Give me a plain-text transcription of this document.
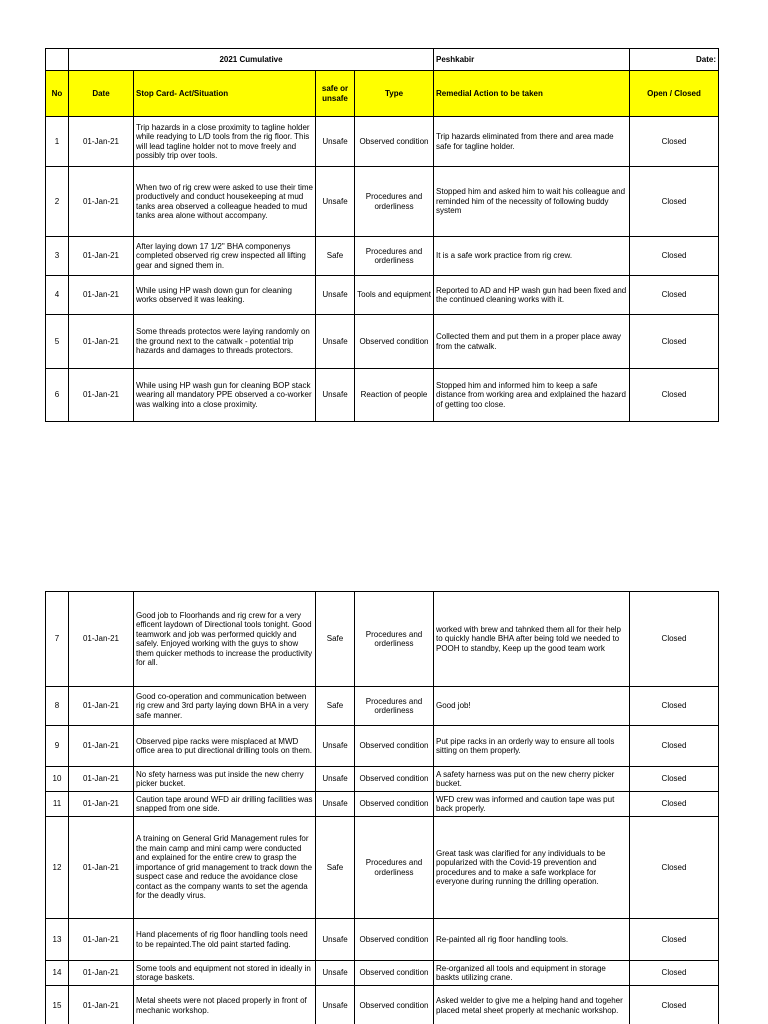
	2021 Cumulative				Peshkabir	Date:
No	Date	Stop Card- Act/Situation	safe or unsafe	Type	Remedial Action to be taken	Open / Closed
1	01-Jan-21	Trip hazards in a close proximity to tagline holder while readying to L/D tools from the rig floor. This will lead tagline holder not to move freely and possibly trip over tools.	Unsafe	Observed condition	Trip hazards eliminated from there and area made safe for tagline holder.	Closed
2	01-Jan-21	When two of rig crew were asked to use their time productively and conduct housekeeping at mud tanks area observed a colleague headed to mud tanks area alone without accompany.	Unsafe	Procedures and orderliness	Stopped him and asked him to wait his colleague and reminded him of the necessity of following buddy system	Closed
3	01-Jan-21	After laying down 17 1/2" BHA componenys completed observed rig crew inspected all lifting gear and signed them in.	Safe	Procedures and orderliness	It is a safe work practice from rig crew.	Closed
4	01-Jan-21	While using HP wash down gun for cleaning works observed it was leaking.	Unsafe	Tools and equipment	Reported to AD and HP wash gun had been fixed and the continued cleaning works with it.	Closed
5	01-Jan-21	Some threads protectos were laying randomly on the ground next to the catwalk - potential trip hazards and damages to threads protectors.	Unsafe	Observed condition	Collected them and put them in a proper place away from the catwalk.	Closed
6	01-Jan-21	While using HP wash gun for cleaning BOP stack wearing all mandatory PPE observed a co-worker was walking into a close proximity.	Unsafe	Reaction of people	Stopped him and informed him to keep a safe distance from working area and exlplained the hazard of getting too close.	Closed
7	01-Jan-21	Good job to Floorhands and rig crew for a very efficent laydown of Directional tools tonight. Good teamwork and job was performed quickly and safely. Enjoyed working with the guys to show them quicker methods to increase the productivity for all.	Safe	Procedures and orderliness	worked with brew and tahnked them all for their help to quickly handle BHA after being told we needed to POOH to standby, Keep up the good team work	Closed
8	01-Jan-21	Good co-operation and communication between rig crew and 3rd party laying down BHA in a very safe manner.	Safe	Procedures and orderliness	Good job!	Closed
9	01-Jan-21	Observed pipe racks were misplaced at MWD office area to put directional drilling tools on them.	Unsafe	Observed condition	Put pipe racks in an orderly way to ensure all tools sitting on them properly.	Closed
10	01-Jan-21	No sfety harness was put inside the new cherry picker bucket.	Unsafe	Observed condition	A safety harness was put on the new cherry picker bucket.	Closed
11	01-Jan-21	Caution tape around WFD air drilling facilities was snapped from one side.	Unsafe	Observed condition	WFD crew was informed and caution tape was put back properly.	Closed
12	01-Jan-21	A training on General Grid Management rules for the main camp and mini camp were conducted and explained for the entire crew to grasp the importance of grid management to track down the suspect case and reduce the avoidance close contact as the company wants to set the agenda for the deadly virus.	Safe	Procedures and orderliness	Great task was clarified for any individuals to be popularized with the Covid-19 prevention and procedures and to make a safe workplace for everyone during running the drilling operation.	Closed
13	01-Jan-21	Hand placements of rig floor handling tools need to be repainted.The old paint started fading.	Unsafe	Observed condition	Re-painted all rig floor handling tools.	Closed
14	01-Jan-21	Some tools and equipment not stored in ideally in storage baskets.	Unsafe	Observed condition	Re-organized all tools and equipment in storage baskts utilizing crane.	Closed
15	01-Jan-21	Metal sheets were not placed properly in front of mechanic workshop.	Unsafe	Observed condition	Asked welder to give me a helping hand and togeher placed metal sheet properly at mechanic workshop.	Closed
